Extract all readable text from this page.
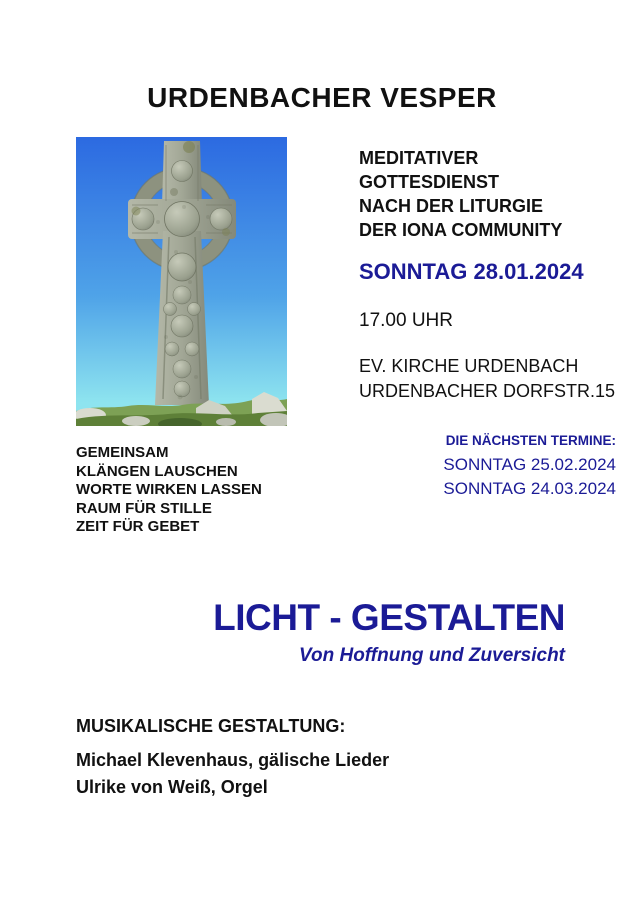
URDENBACHER VESPER
MEDITATIVER
GOTTESDIENST
NACH DER LITURGIE
DER IONA COMMUNITY
SONNTAG 28.01.2024
17.00 UHR
EV. KIRCHE URDENBACH
URDENBACHER DORFSTR.15
DIE NÄCHSTEN TERMINE:
SONNTAG 25.02.2024
SONNTAG 24.03.2024
GEMEINSAM
KLÄNGEN LAUSCHEN
WORTE WIRKEN LASSEN
RAUM FÜR STILLE
ZEIT FÜR GEBET
LICHT - GESTALTEN
Von Hoffnung und Zuversicht
MUSIKALISCHE GESTALTUNG:
Michael Klevenhaus, gälische Lieder
Ulrike von Weiß, Orgel
